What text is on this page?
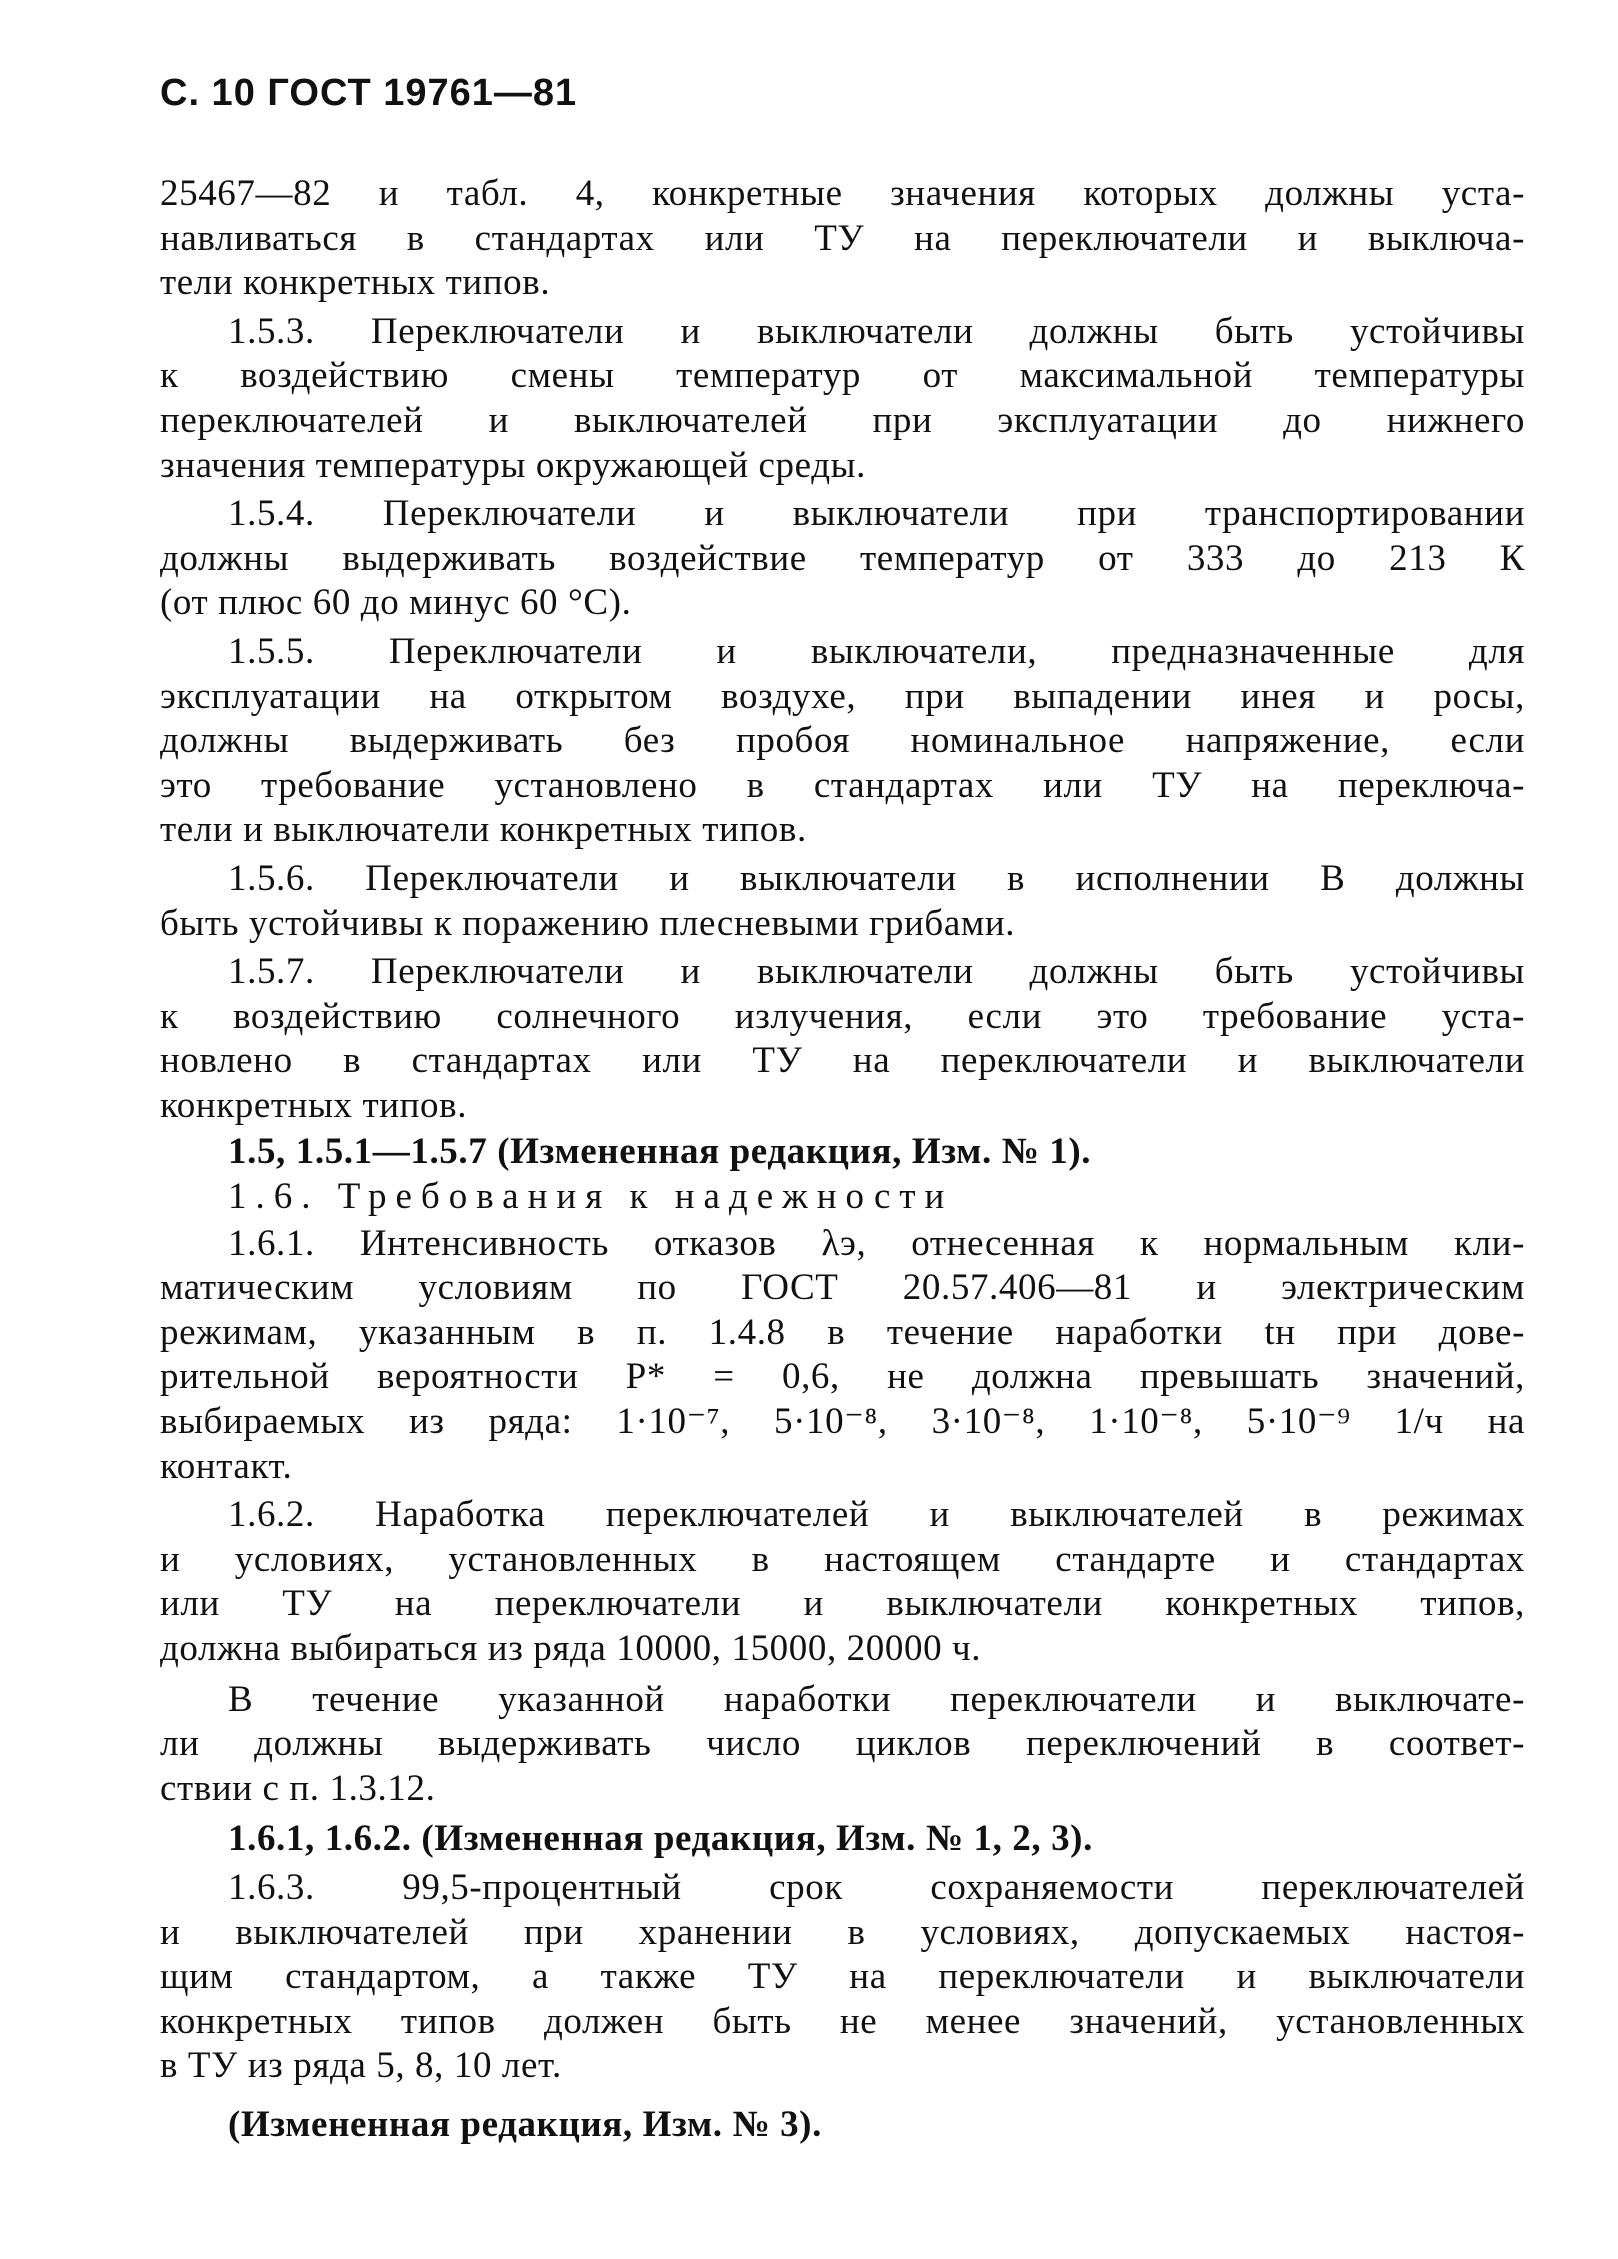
С. 10 ГОСТ 19761—81
25467—82 и табл. 4, конкретные значения которых должны уста-
навливаться в стандартах или ТУ на переключатели и выключа-
тели конкретных типов.
1.5.3. Переключатели и выключатели должны быть устойчивы
к воздействию смены температур от максимальной температуры
переключателей и выключателей при эксплуатации до нижнего
значения температуры окружающей среды.
1.5.4. Переключатели и выключатели при транспортировании
должны выдерживать воздействие температур от 333 до 213 К
(от плюс 60 до минус 60 °С).
1.5.5. Переключатели и выключатели, предназначенные для
эксплуатации на открытом воздухе, при выпадении инея и росы,
должны выдерживать без пробоя номинальное напряжение, если
это требование установлено в стандартах или ТУ на переключа-
тели и выключатели конкретных типов.
1.5.6. Переключатели и выключатели в исполнении В должны
быть устойчивы к поражению плесневыми грибами.
1.5.7. Переключатели и выключатели должны быть устойчивы
к воздействию солнечного излучения, если это требование уста-
новлено в стандартах или ТУ на переключатели и выключатели
конкретных типов.
1.5, 1.5.1—1.5.7 (Измененная редакция, Изм. № 1).
1.6. Требования к надежности
1.6.1. Интенсивность отказов λэ, отнесенная к нормальным кли-
матическим условиям по ГОСТ 20.57.406—81 и электрическим
режимам, указанным в п. 1.4.8 в течение наработки tн при дове-
рительной вероятности P* = 0,6, не должна превышать значений,
выбираемых из ряда: 1·10⁻⁷, 5·10⁻⁸, 3·10⁻⁸, 1·10⁻⁸, 5·10⁻⁹ 1/ч на
контакт.
1.6.2. Наработка переключателей и выключателей в режимах
и условиях, установленных в настоящем стандарте и стандартах
или ТУ на переключатели и выключатели конкретных типов,
должна выбираться из ряда 10000, 15000, 20000 ч.
В течение указанной наработки переключатели и выключате-
ли должны выдерживать число циклов переключений в соответ-
ствии с п. 1.3.12.
1.6.1, 1.6.2. (Измененная редакция, Изм. № 1, 2, 3).
1.6.3. 99,5-процентный срок сохраняемости переключателей
и выключателей при хранении в условиях, допускаемых настоя-
щим стандартом, а также ТУ на переключатели и выключатели
конкретных типов должен быть не менее значений, установленных
в ТУ из ряда 5, 8, 10 лет.
(Измененная редакция, Изм. № 3).
